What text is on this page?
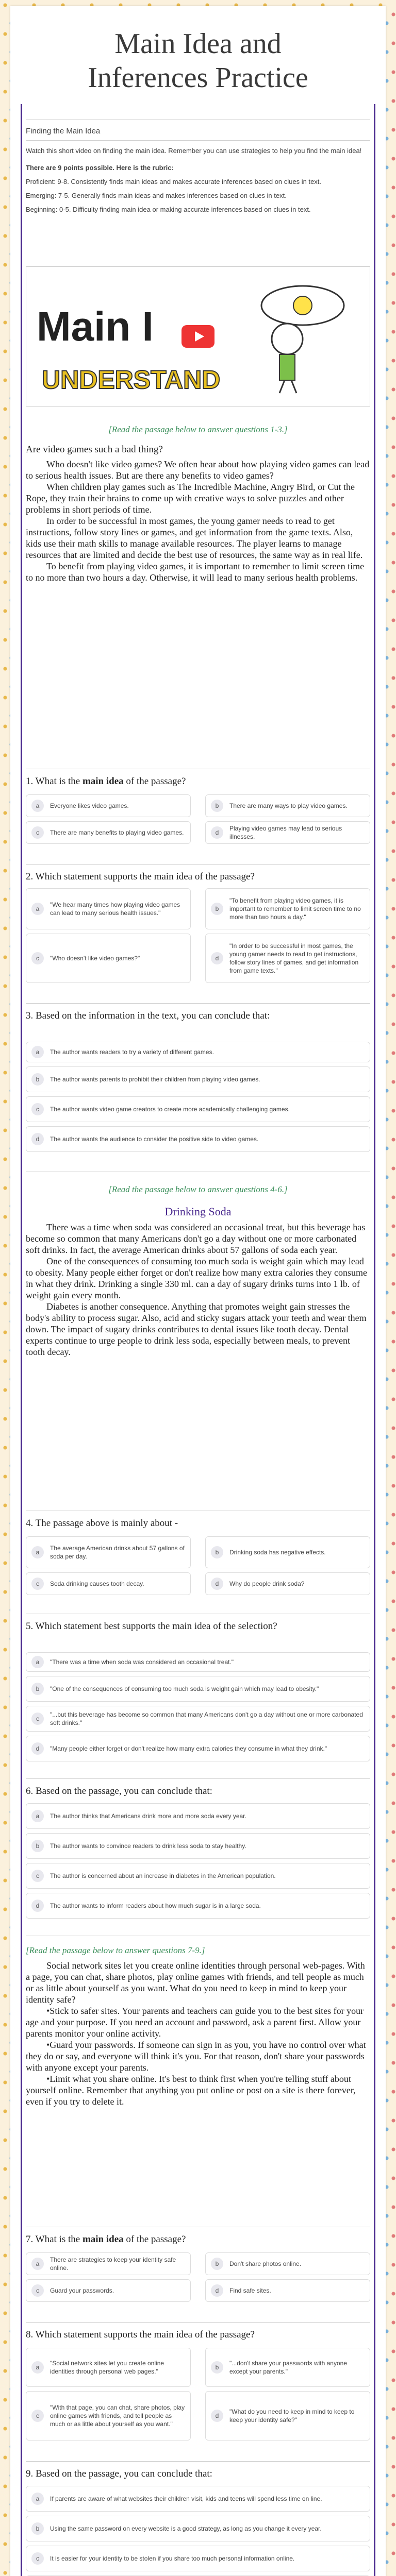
Main Idea and
Inferences Practice

Finding the Main Idea

Watch this short video on finding the main idea. Remember you can use strategies to help you find the main idea!

There are 9 points possible. Here is the rubric:

Proficient: 9-8. Consistently finds main ideas and makes accurate inferences based on clues in text.

Emerging: 7-5. Generally finds main ideas and makes inferences based on clues in text.

Beginning: 0-5. Difficulty finding main idea or making accurate inferences based on clues in text.

Main I
UNDERSTAND
[Read the passage below to answer questions 1-3.]
Are video games such a bad thing?

Who doesn't like video games? We often hear about how playing video games can lead to serious health issues. But are there any benefits to video games?

When children play games such as The Incredible Machine, Angry Bird, or Cut the Rope, they train their brains to come up with creative ways to solve puzzles and other problems in short periods of time.

In order to be successful in most games, the young gamer needs to read to get instructions, follow story lines or games, and get information from the game texts. Also, kids use their math skills to manage available resources. The player learns to manage resources that are limited and decide the best use of resources, the same way as in real life.

To benefit from playing video games, it is important to remember to limit screen time to no more than two hours a day. Otherwise, it will lead to many serious health problems.

1. What is the main idea of the passage?
a	Everyone likes video games.	b	There are many ways to play video games.
c	There are many benefits to playing video games.	d
Playing video games may lead to serious illnesses.
2. Which statement supports the main idea of the passage?
a
"We hear many times how playing video games can lead to many serious health issues."
b
"To benefit from playing video games, it is important to remember to limit screen time to no more than two hours a day."
c	"Who doesn't like video games?"	d
"In order to be successful in most games, the young gamer needs to read to get instructions, follow story lines of games, and get information from game texts."
3. Based on the information in the text, you can conclude that:
a	The author wants readers to try a variety of different games.
b	The author wants parents to prohibit their children from playing video games.
c	The author wants video game creators to create more academically challenging games.
d	The author wants the audience to consider the positive side to video games.
[Read the passage below to answer questions 4-6.]
Drinking Soda

There was a time when soda was considered an occasional treat, but this beverage has become so common that many Americans don't go a day without one or more carbonated soft drinks. In fact, the average American drinks about 57 gallons of soda each year.

One of the consequences of consuming too much soda is weight gain which may lead to obesity. Many people either forget or don't realize how many extra calories they consume in what they drink. Drinking a single 330 ml. can a day of sugary drinks turns into 1 lb. of weight gain every month.

Diabetes is another consequence. Anything that promotes weight gain stresses the body's ability to process sugar. Also, acid and sticky sugars attack your teeth and wear them down. The impact of sugary drinks contributes to dental issues like tooth decay. Dental experts continue to urge people to drink less soda, especially between meals, to prevent tooth decay.

4. The passage above is mainly about -
a
The average American drinks about 57 gallons of soda per day.
b	Drinking soda has negative effects.
c	Soda drinking causes tooth decay.	d	Why do people drink soda?
5. Which statement best supports the main idea of the selection?
a	"There was a time when soda was considered an occasional treat."
b	"One of the consequences of consuming too much soda is weight gain which may lead to obesity."
c
"...but this beverage has become so common that many Americans don't go a day without one or more carbonated soft drinks."
d	"Many people either forget or don't realize how many extra calories they consume in what they drink."
6. Based on the passage, you can conclude that:
a	The author thinks that Americans drink more and more soda every year.
b	The author wants to convince readers to drink less soda to stay healthy.
c	The author is concerned about an increase in diabetes in the American population.
d	The author wants to inform readers about how much sugar is in a large soda.
[Read the passage below to answer questions 7-9.]

Social network sites let you create online identities through personal web-pages. With a page, you can chat, share photos, play online games with friends, and tell people as much or as little about yourself as you want. What do you need to keep in mind to keep your identity safe?

•Stick to safer sites. Your parents and teachers can guide you to the best sites for your age and your purpose. If you need an account and password, ask a parent first. Allow your parents monitor your online activity.

•Guard your passwords. If someone can sign in as you, you have no control over what they do or say, and everyone will think it's you. For that reason, don't share your passwords with anyone except your parents.

•Limit what you share online. It's best to think first when you're telling stuff about yourself online. Remember that anything you put online or post on a site is there forever, even if you try to delete it.

7. What is the main idea of the passage?
a
There are strategies to keep your identity safe online.
b	Don't share photos online.
c	Guard your passwords.	d	Find safe sites.
8. Which statement supports the main idea of the passage?
a
"Social network sites let you create online identities through personal web pages."
b
"...don't share your passwords with anyone except your parents."
c
"With that page, you can chat, share photos, play online games with friends, and tell people as much or as little about yourself as you want."
d
"What do you need to keep in mind to keep to keep your identity safe?"
9. Based on the passage, you can conclude that:
a	If parents are aware of what websites their children visit, kids and teens will spend less time on line.
b	Using the same password on every website is a good strategy, as long as you change it every year.
c	It is easier for your identity to be stolen if you share too much personal information online.
